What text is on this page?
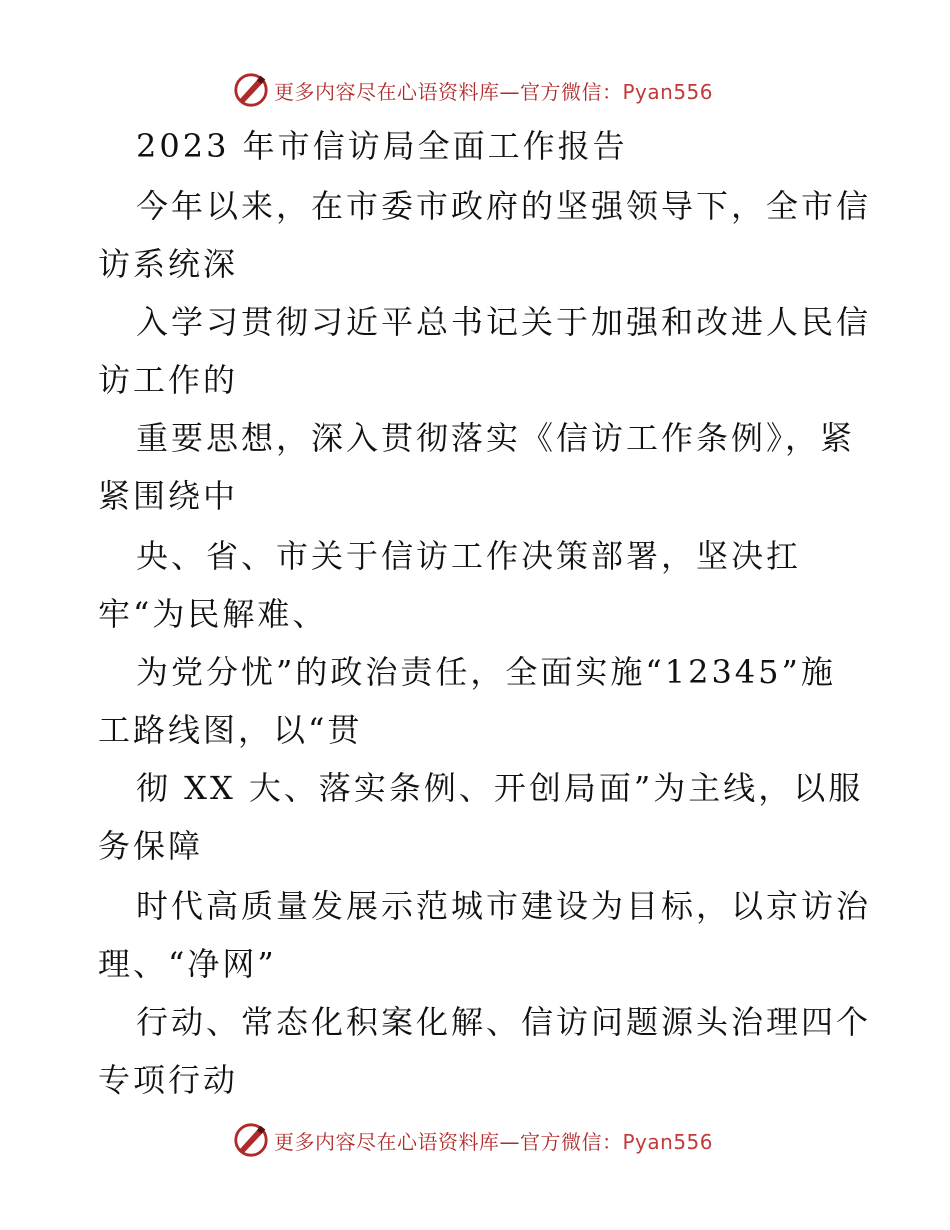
更多内容尽在心语资料库—官方微信：Pyan556
2023 年市信访局全面工作报告
今年以来，在市委市政府的坚强领导下，全市信
访系统深
入学习贯彻习近平总书记关于加强和改进人民信
访工作的
重要思想，深入贯彻落实《信访工作条例》，紧
紧围绕中
央、省、市关于信访工作决策部署，坚决扛
牢“为民解难、
为党分忧”的政治责任，全面实施“12345”施
工路线图，以“贯
彻 XX 大、落实条例、开创局面”为主线，以服
务保障
时代高质量发展示范城市建设为目标，以京访治
理、“净网”
行动、常态化积案化解、信访问题源头治理四个
专项行动
更多内容尽在心语资料库—官方微信：Pyan556
